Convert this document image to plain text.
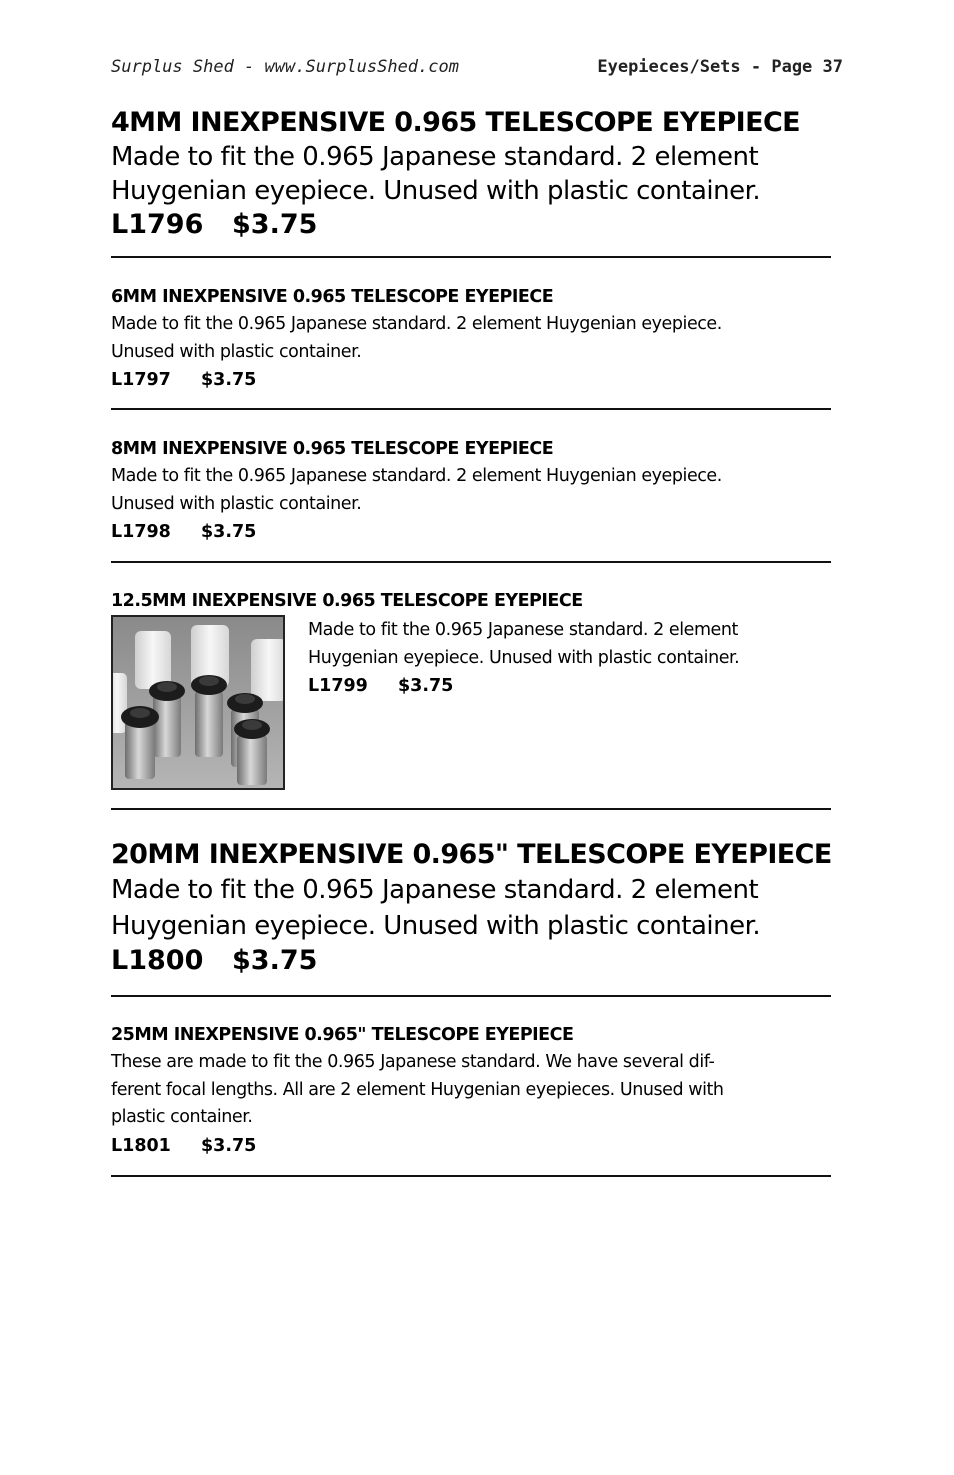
Surplus Shed - www.SurplusShed.com	Eyepieces/Sets - Page 37
4MM INEXPENSIVE 0.965 TELESCOPE EYEPIECE
Made to fit the 0.965 Japanese standard. 2 element
Huygenian eyepiece. Unused with plastic container.
L1796 $3.75
6MM INEXPENSIVE 0.965 TELESCOPE EYEPIECE
Made to fit the 0.965 Japanese standard. 2 element Huygenian eyepiece.
Unused with plastic container.
L1797 $3.75
8MM INEXPENSIVE 0.965 TELESCOPE EYEPIECE
Made to fit the 0.965 Japanese standard. 2 element Huygenian eyepiece.
Unused with plastic container.
L1798 $3.75
12.5MM INEXPENSIVE 0.965 TELESCOPE EYEPIECE
Made to fit the 0.965 Japanese standard. 2 element
Huygenian eyepiece. Unused with plastic container.
L1799 $3.75
20MM INEXPENSIVE 0.965" TELESCOPE EYEPIECE
Made to fit the 0.965 Japanese standard. 2 element
Huygenian eyepiece. Unused with plastic container.
L1800 $3.75
25MM INEXPENSIVE 0.965" TELESCOPE EYEPIECE
These are made to fit the 0.965 Japanese standard. We have several dif-
ferent focal lengths. All are 2 element Huygenian eyepieces. Unused with
plastic container.
L1801 $3.75
